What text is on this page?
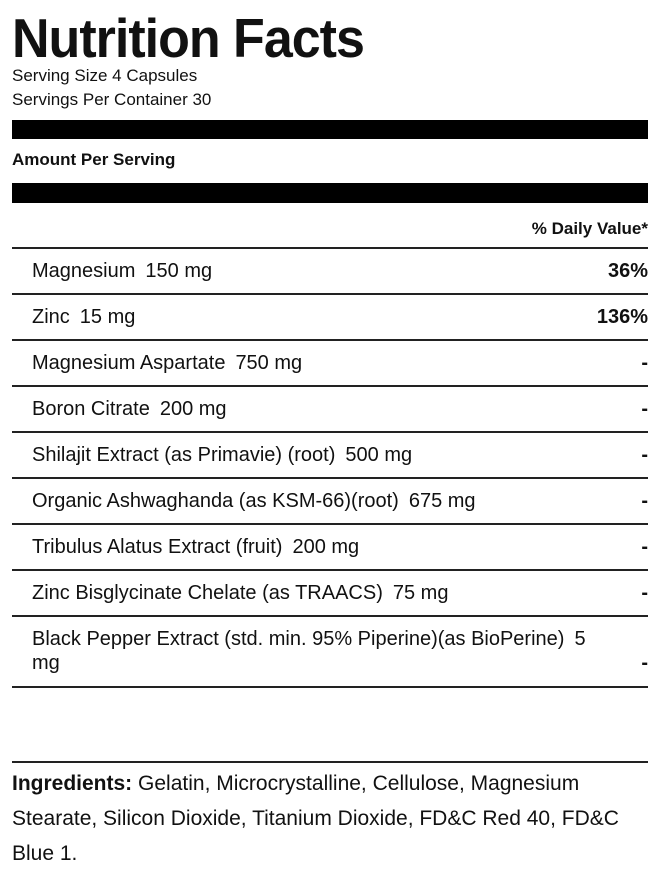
Nutrition Facts
Serving Size 4 Capsules
Servings Per Container 30
Amount Per Serving
% Daily Value*
Magnesium 150 mg	36%
Zinc 15 mg	136%
Magnesium Aspartate 750 mg	-
Boron Citrate 200 mg	-
Shilajit Extract (as Primavie) (root) 500 mg	-
Organic Ashwaghanda (as KSM-66)(root) 675 mg	-
Tribulus Alatus Extract (fruit) 200 mg	-
Zinc Bisglycinate Chelate (as TRAACS) 75 mg	-
Black Pepper Extract (std. min. 95% Piperine)(as BioPerine) 5 mg	-
Ingredients: Gelatin, Microcrystalline, Cellulose, Magnesium Stearate, Silicon Dioxide, Titanium Dioxide, FD&C Red 40, FD&C Blue 1.
